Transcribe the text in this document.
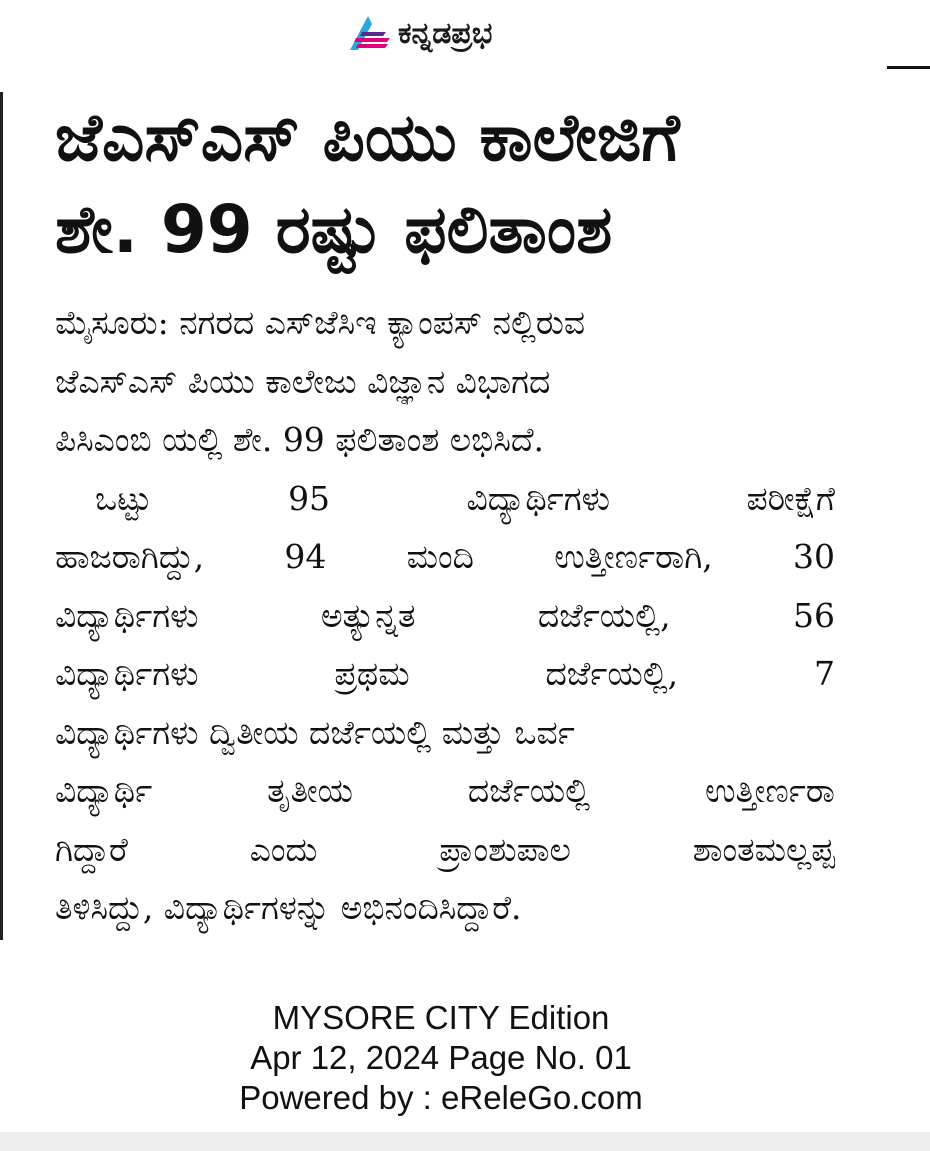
ಕನ್ನಡಪ್ರಭ
ಜೆಎಸ್‌ಎಸ್ ಪಿಯು ಕಾಲೇಜಿಗೆ
ಶೇ. 99 ರಷ್ಟು ಫಲಿತಾಂಶ
ಮೈಸೂರು: ನಗರದ ಎಸ್‌ಜೆಸಿಇ ಕ್ಯಾಂಪಸ್ ನಲ್ಲಿರುವ
ಜೆಎಸ್‌ಎಸ್ ಪಿಯು ಕಾಲೇಜು ವಿಜ್ಞಾನ ವಿಭಾಗದ
ಪಿಸಿಎಂಬಿ ಯಲ್ಲಿ ಶೇ. 99 ಫಲಿತಾಂಶ ಲಭಿಸಿದೆ.
ಒಟ್ಟು	95	ವಿದ್ಯಾರ್ಥಿಗಳು	ಪರೀಕ್ಷೆಗೆ
ಹಾಜರಾಗಿದ್ದು, 94 ಮಂದಿ ಉತ್ತೀರ್ಣರಾಗಿ, 30
ವಿದ್ಯಾರ್ಥಿಗಳು	ಅತ್ಯುನ್ನತ	ದರ್ಜೆಯಲ್ಲಿ,	56
ವಿದ್ಯಾರ್ಥಿಗಳು	ಪ್ರಥಮ	ದರ್ಜೆಯಲ್ಲಿ,	7
ವಿದ್ಯಾರ್ಥಿಗಳು ದ್ವಿತೀಯ ದರ್ಜೆಯಲ್ಲಿ ಮತ್ತು ಒರ್ವ
ವಿದ್ಯಾರ್ಥಿ	ತೃತೀಯ	ದರ್ಜೆಯಲ್ಲಿ	ಉತ್ತೀರ್ಣರಾ
ಗಿದ್ದಾರೆ	ಎಂದು	ಪ್ರಾಂಶುಪಾಲ	ಶಾಂತಮಲ್ಲಪ್ಪ
ತಿಳಿಸಿದ್ದು, ವಿದ್ಯಾರ್ಥಿಗಳನ್ನು ಅಭಿನಂದಿಸಿದ್ದಾರೆ.
MYSORE CITY Edition
Apr 12, 2024 Page No. 01
Powered by : eReleGo.com
